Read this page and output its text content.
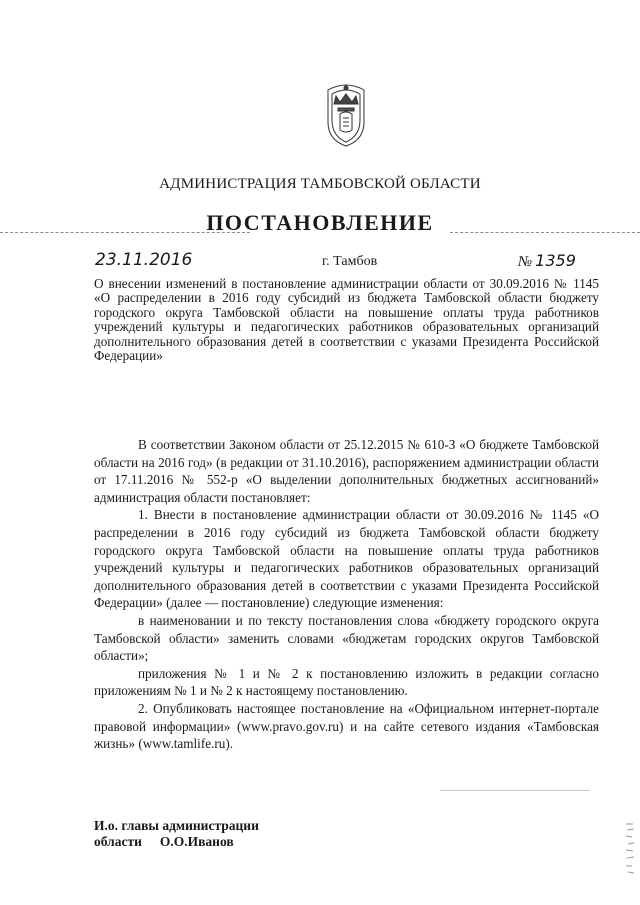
АДМИНИСТРАЦИЯ ТАМБОВСКОЙ ОБЛАСТИ
ПОСТАНОВЛЕНИЕ
23.11.2016	г. Тамбов	№ 1359
О внесении изменений в постановление администрации области от 30.09.2016 № 1145 «О распределении в 2016 году субсидий из бюджета Тамбовской области бюджету городского округа Тамбовской области на повышение оплаты труда работников учреждений культуры и педагогических работников образовательных организаций дополнительного образования детей в соответствии с указами Президента Российской Федерации»

В соответствии Законом области от 25.12.2015 № 610-З «О бюджете Тамбовской области на 2016 год» (в редакции от 31.10.2016), распоряжением администрации области от 17.11.2016 № 552-р «О выделении дополнительных бюджетных ассигнований» администрация области постановляет:

1. Внести в постановление администрации области от 30.09.2016 № 1145 «О распределении в 2016 году субсидий из бюджета Тамбовской области бюджету городского округа Тамбовской области на повышение оплаты труда работников учреждений культуры и педагогических работников образовательных организаций дополнительного образования детей в соответствии с указами Президента Российской Федерации» (далее — постановление) следующие изменения:

в наименовании и по тексту постановления слова «бюджету городского округа Тамбовской области» заменить словами «бюджетам городских округов Тамбовской области»;

приложения № 1 и № 2 к постановлению изложить в редакции согласно приложениям № 1 и № 2 к настоящему постановлению.

2. Опубликовать настоящее постановление на «Официальном интернет-портале правовой информации» (www.pravo.gov.ru) и на сайте сетевого издания «Тамбовская жизнь» (www.tamlife.ru).

И.о. главы администрации
области О.О.Иванов
